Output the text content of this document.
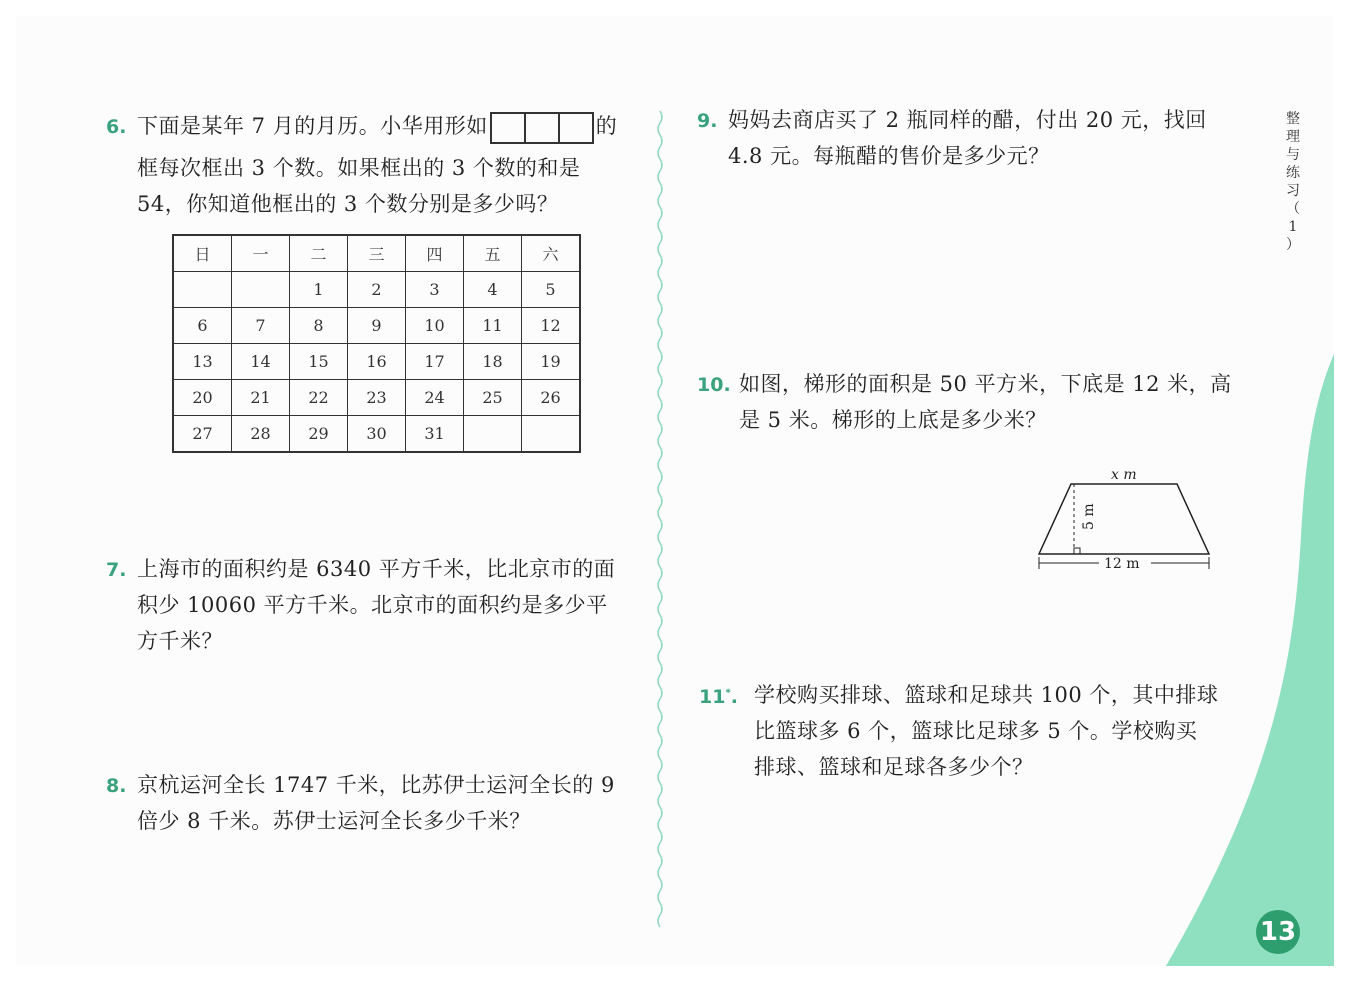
6. 下面是某年 7 月的月历。小华用形如	的
框每次框出 3 个数。如果框出的 3 个数的和是
54，你知道他框出的 3 个数分别是多少吗？
日	一	二	三	四	五	六
		1	2	3	4	5
6	7	8	9	10	11	12
13	14	15	16	17	18	19
20	21	22	23	24	25	26
27	28	29	30	31		
7. 上海市的面积约是 6340 平方千米，比北京市的面
积少 10060 平方千米。北京市的面积约是多少平
方千米？
8. 京杭运河全长 1747 千米，比苏伊士运河全长的 9
倍少 8 千米。苏伊士运河全长多少千米？
9. 妈妈去商店买了 2 瓶同样的醋，付出 20 元，找回
4.8 元。每瓶醋的售价是多少元？
10. 如图，梯形的面积是 50 平方米，下底是 12 米，高
是 5 米。梯形的上底是多少米？
x m
5 m
12 m
11*. 学校购买排球、篮球和足球共 100 个，其中排球
比篮球多 6 个，篮球比足球多 5 个。学校购买
排球、篮球和足球各多少个？
整
理
与
练
习
（
1
）
13
